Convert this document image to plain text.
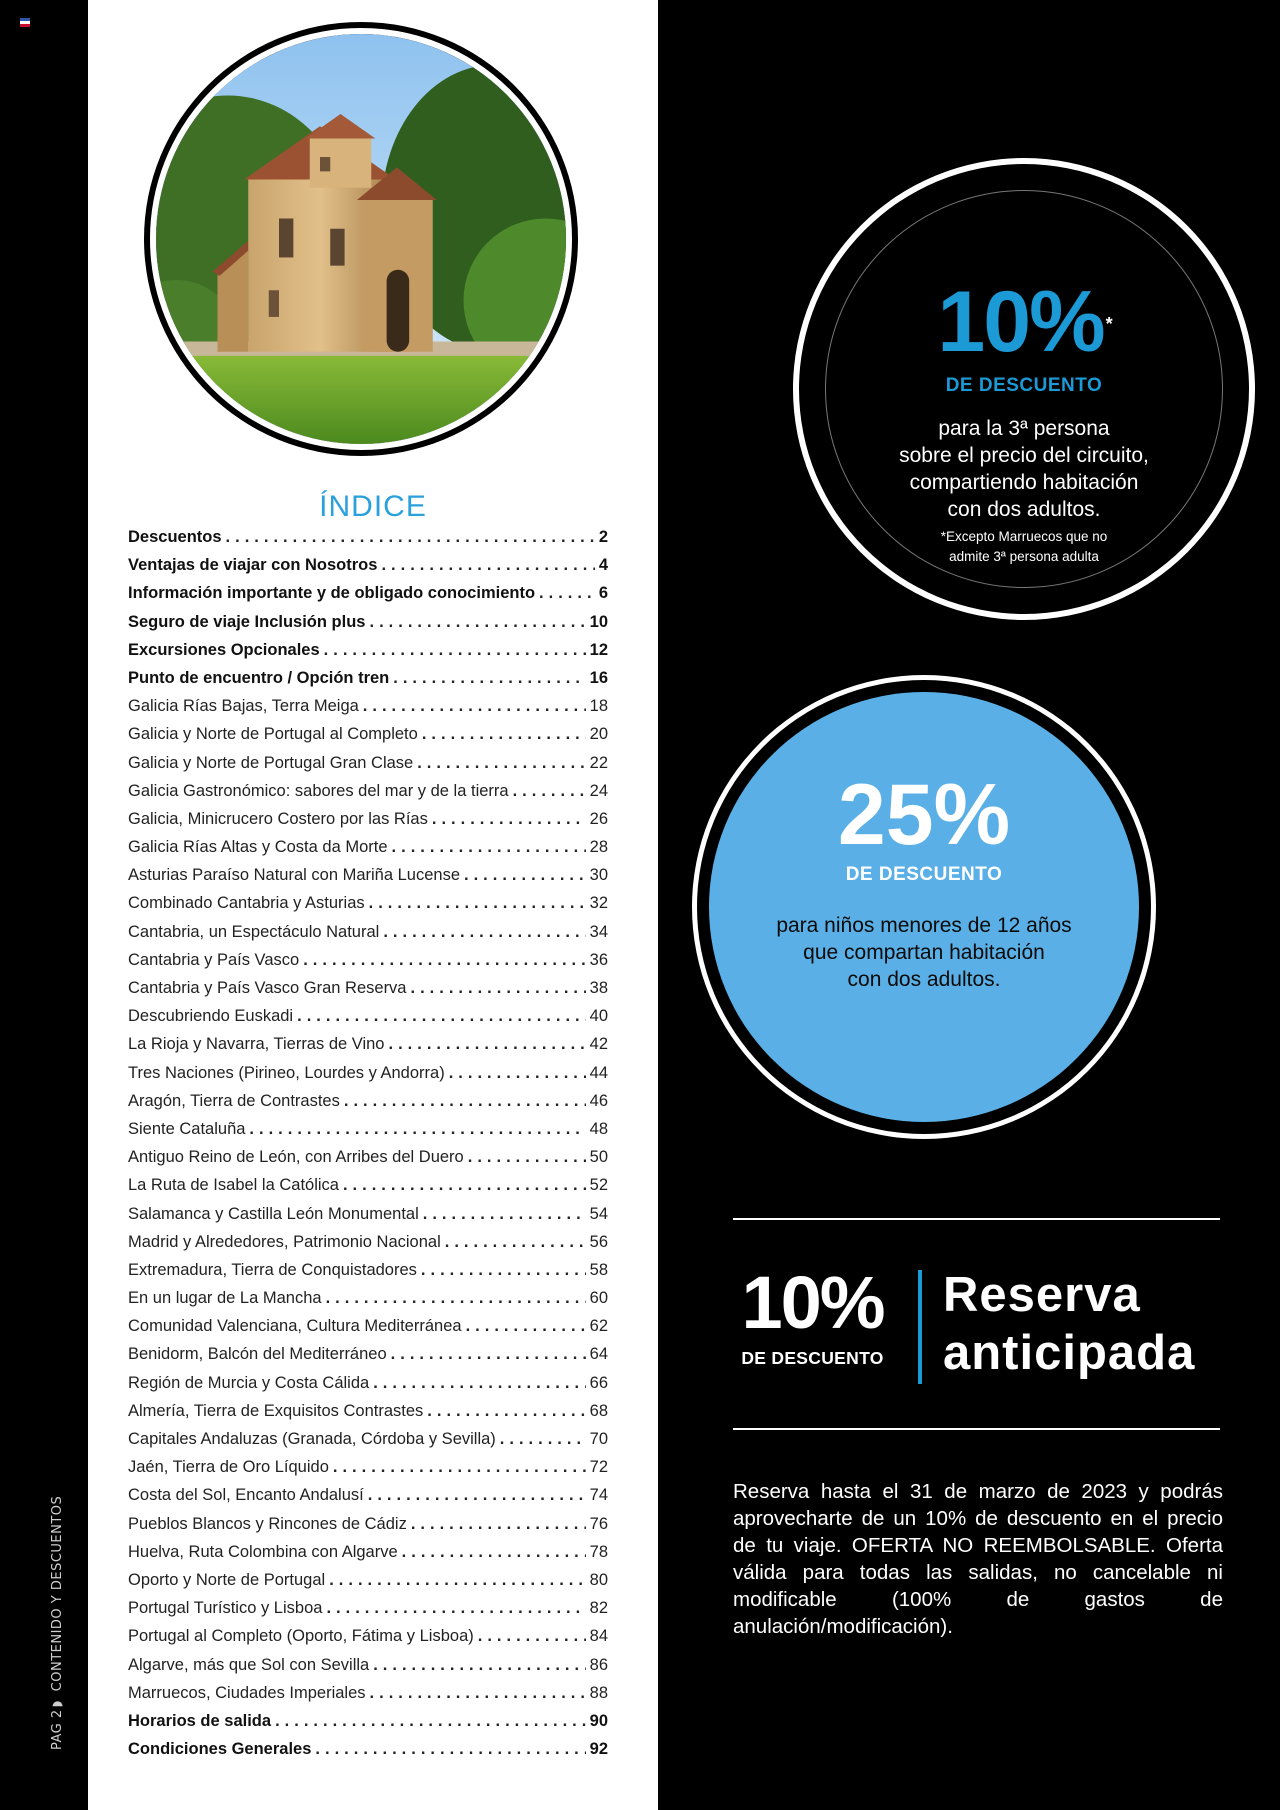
PAG 2◗ CONTENIDO Y DESCUENTOS
ÍNDICE
Descuentos .....	2
Ventajas de viajar con Nosotros .....	4
Información importante y de obligado conocimiento .....	6
Seguro de viaje Inclusión plus .....	10
Excursiones Opcionales .....	12
Punto de encuentro / Opción tren .....	16
Galicia Rías Bajas, Terra Meiga .....	18
Galicia y Norte de Portugal al Completo .....	20
Galicia y Norte de Portugal Gran Clase .....	22
Galicia Gastronómico: sabores del mar y de la tierra .....	24
Galicia, Minicrucero Costero por las Rías .....	26
Galicia Rías Altas y Costa da Morte .....	28
Asturias Paraíso Natural con Mariña Lucense .....	30
Combinado Cantabria y Asturias .....	32
Cantabria, un Espectáculo Natural .....	34
Cantabria y País Vasco .....	36
Cantabria y País Vasco Gran Reserva .....	38
Descubriendo Euskadi .....	40
La Rioja y Navarra, Tierras de Vino .....	42
Tres Naciones (Pirineo, Lourdes y Andorra) .....	44
Aragón, Tierra de Contrastes .....	46
Siente Cataluña .....	48
Antiguo Reino de León, con Arribes del Duero .....	50
La Ruta de Isabel la Católica .....	52
Salamanca y Castilla León Monumental .....	54
Madrid y Alrededores, Patrimonio Nacional .....	56
Extremadura, Tierra de Conquistadores .....	58
En un lugar de La Mancha .....	60
Comunidad Valenciana, Cultura Mediterránea .....	62
Benidorm, Balcón del Mediterráneo .....	64
Región de Murcia y Costa Cálida .....	66
Almería, Tierra de Exquisitos Contrastes .....	68
Capitales Andaluzas (Granada, Córdoba y Sevilla) .....	70
Jaén, Tierra de Oro Líquido .....	72
Costa del Sol, Encanto Andalusí .....	74
Pueblos Blancos y Rincones de Cádiz .....	76
Huelva, Ruta Colombina con Algarve .....	78
Oporto y Norte de Portugal .....	80
Portugal Turístico y Lisboa .....	82
Portugal al Completo (Oporto, Fátima y Lisboa) .....	84
Algarve, más que Sol con Sevilla .....	86
Marruecos, Ciudades Imperiales .....	88
Horarios de salida .....	90
Condiciones Generales .....	92
10% *
DE DESCUENTO
para la 3ª persona
sobre el precio del circuito,
compartiendo habitación
con dos adultos.
*Excepto Marruecos que no
admite 3ª persona adulta
25%
DE DESCUENTO
para niños menores de 12 años
que compartan habitación
con dos adultos.
10%
DE DESCUENTO
Reserva
anticipada
Reserva hasta el 31 de marzo de 2023 y podrás aprovecharte de un 10% de descuento en el precio de tu viaje. OFERTA NO REEMBOLSABLE. Oferta válida para todas las salidas, no cancelable ni modificable (100% de gastos de anulación/modificación).
